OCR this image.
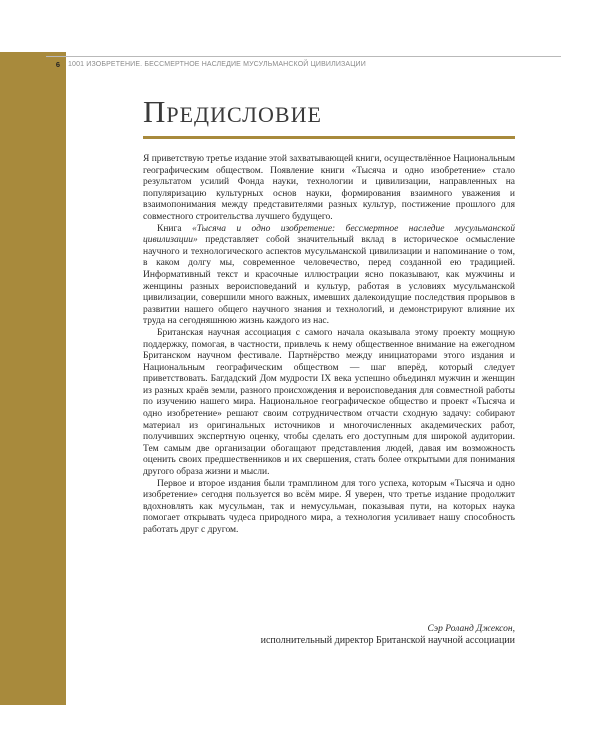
6 1001 ИЗОБРЕТЕНИЕ. БЕССМЕРТНОЕ НАСЛЕДИЕ МУСУЛЬМАНСКОЙ ЦИВИЛИЗАЦИИ
Предисловие

Я приветствую третье издание этой захватывающей книги, осуществлённое Национальным географическим обществом. Появление книги «Тысяча и одно изобретение» стало результатом усилий Фонда науки, технологии и цивилизации, направленных на популяризацию культурных основ науки, формирования взаимного уважения и взаимопонимания между представителями разных культур, постижение прошлого для совместного строительства лучшего будущего.

Книга «Тысяча и одно изобретение: бессмертное наследие мусульманской цивилизации» представляет собой значительный вклад в историческое осмысление научного и технологического аспектов мусульманской цивилизации и напоминание о том, в каком долгу мы, современное человечество, перед созданной ею традицией. Информативный текст и красочные иллюстрации ясно показывают, как мужчины и женщины разных вероисповеданий и культур, работая в условиях мусульманской цивилизации, совершили много важных, имевших далекоидущие последствия прорывов в развитии нашего общего научного знания и технологий, и демонстрируют влияние их труда на сегодняшнюю жизнь каждого из нас.

Британская научная ассоциация с самого начала оказывала этому проекту мощную поддержку, помогая, в частности, привлечь к нему общественное внимание на ежегодном Британском научном фестивале. Партнёрство между инициаторами этого издания и Национальным географическим обществом — шаг вперёд, который следует приветствовать. Багдадский Дом мудрости IX века успешно объединял мужчин и женщин из разных краёв земли, разного происхождения и вероисповедания для совместной работы по изучению нашего мира. Национальное географическое общество и проект «Тысяча и одно изобретение» решают своим сотрудничеством отчасти сходную задачу: собирают материал из оригинальных источников и многочисленных академических работ, получивших экспертную оценку, чтобы сделать его доступным для широкой аудитории. Тем самым две организации обогащают представления людей, давая им возможность оценить своих предшественников и их свершения, стать более открытыми для понимания другого образа жизни и мысли.

Первое и второе издания были трамплином для того успеха, которым «Тысяча и одно изобретение» сегодня пользуется во всём мире. Я уверен, что третье издание продолжит вдохновлять как мусульман, так и немусульман, показывая пути, на которых наука помогает открывать чудеса природного мира, а технология усиливает нашу способность работать друг с другом.

Сэр Роланд Джексон,
исполнительный директор Британской научной ассоциации
